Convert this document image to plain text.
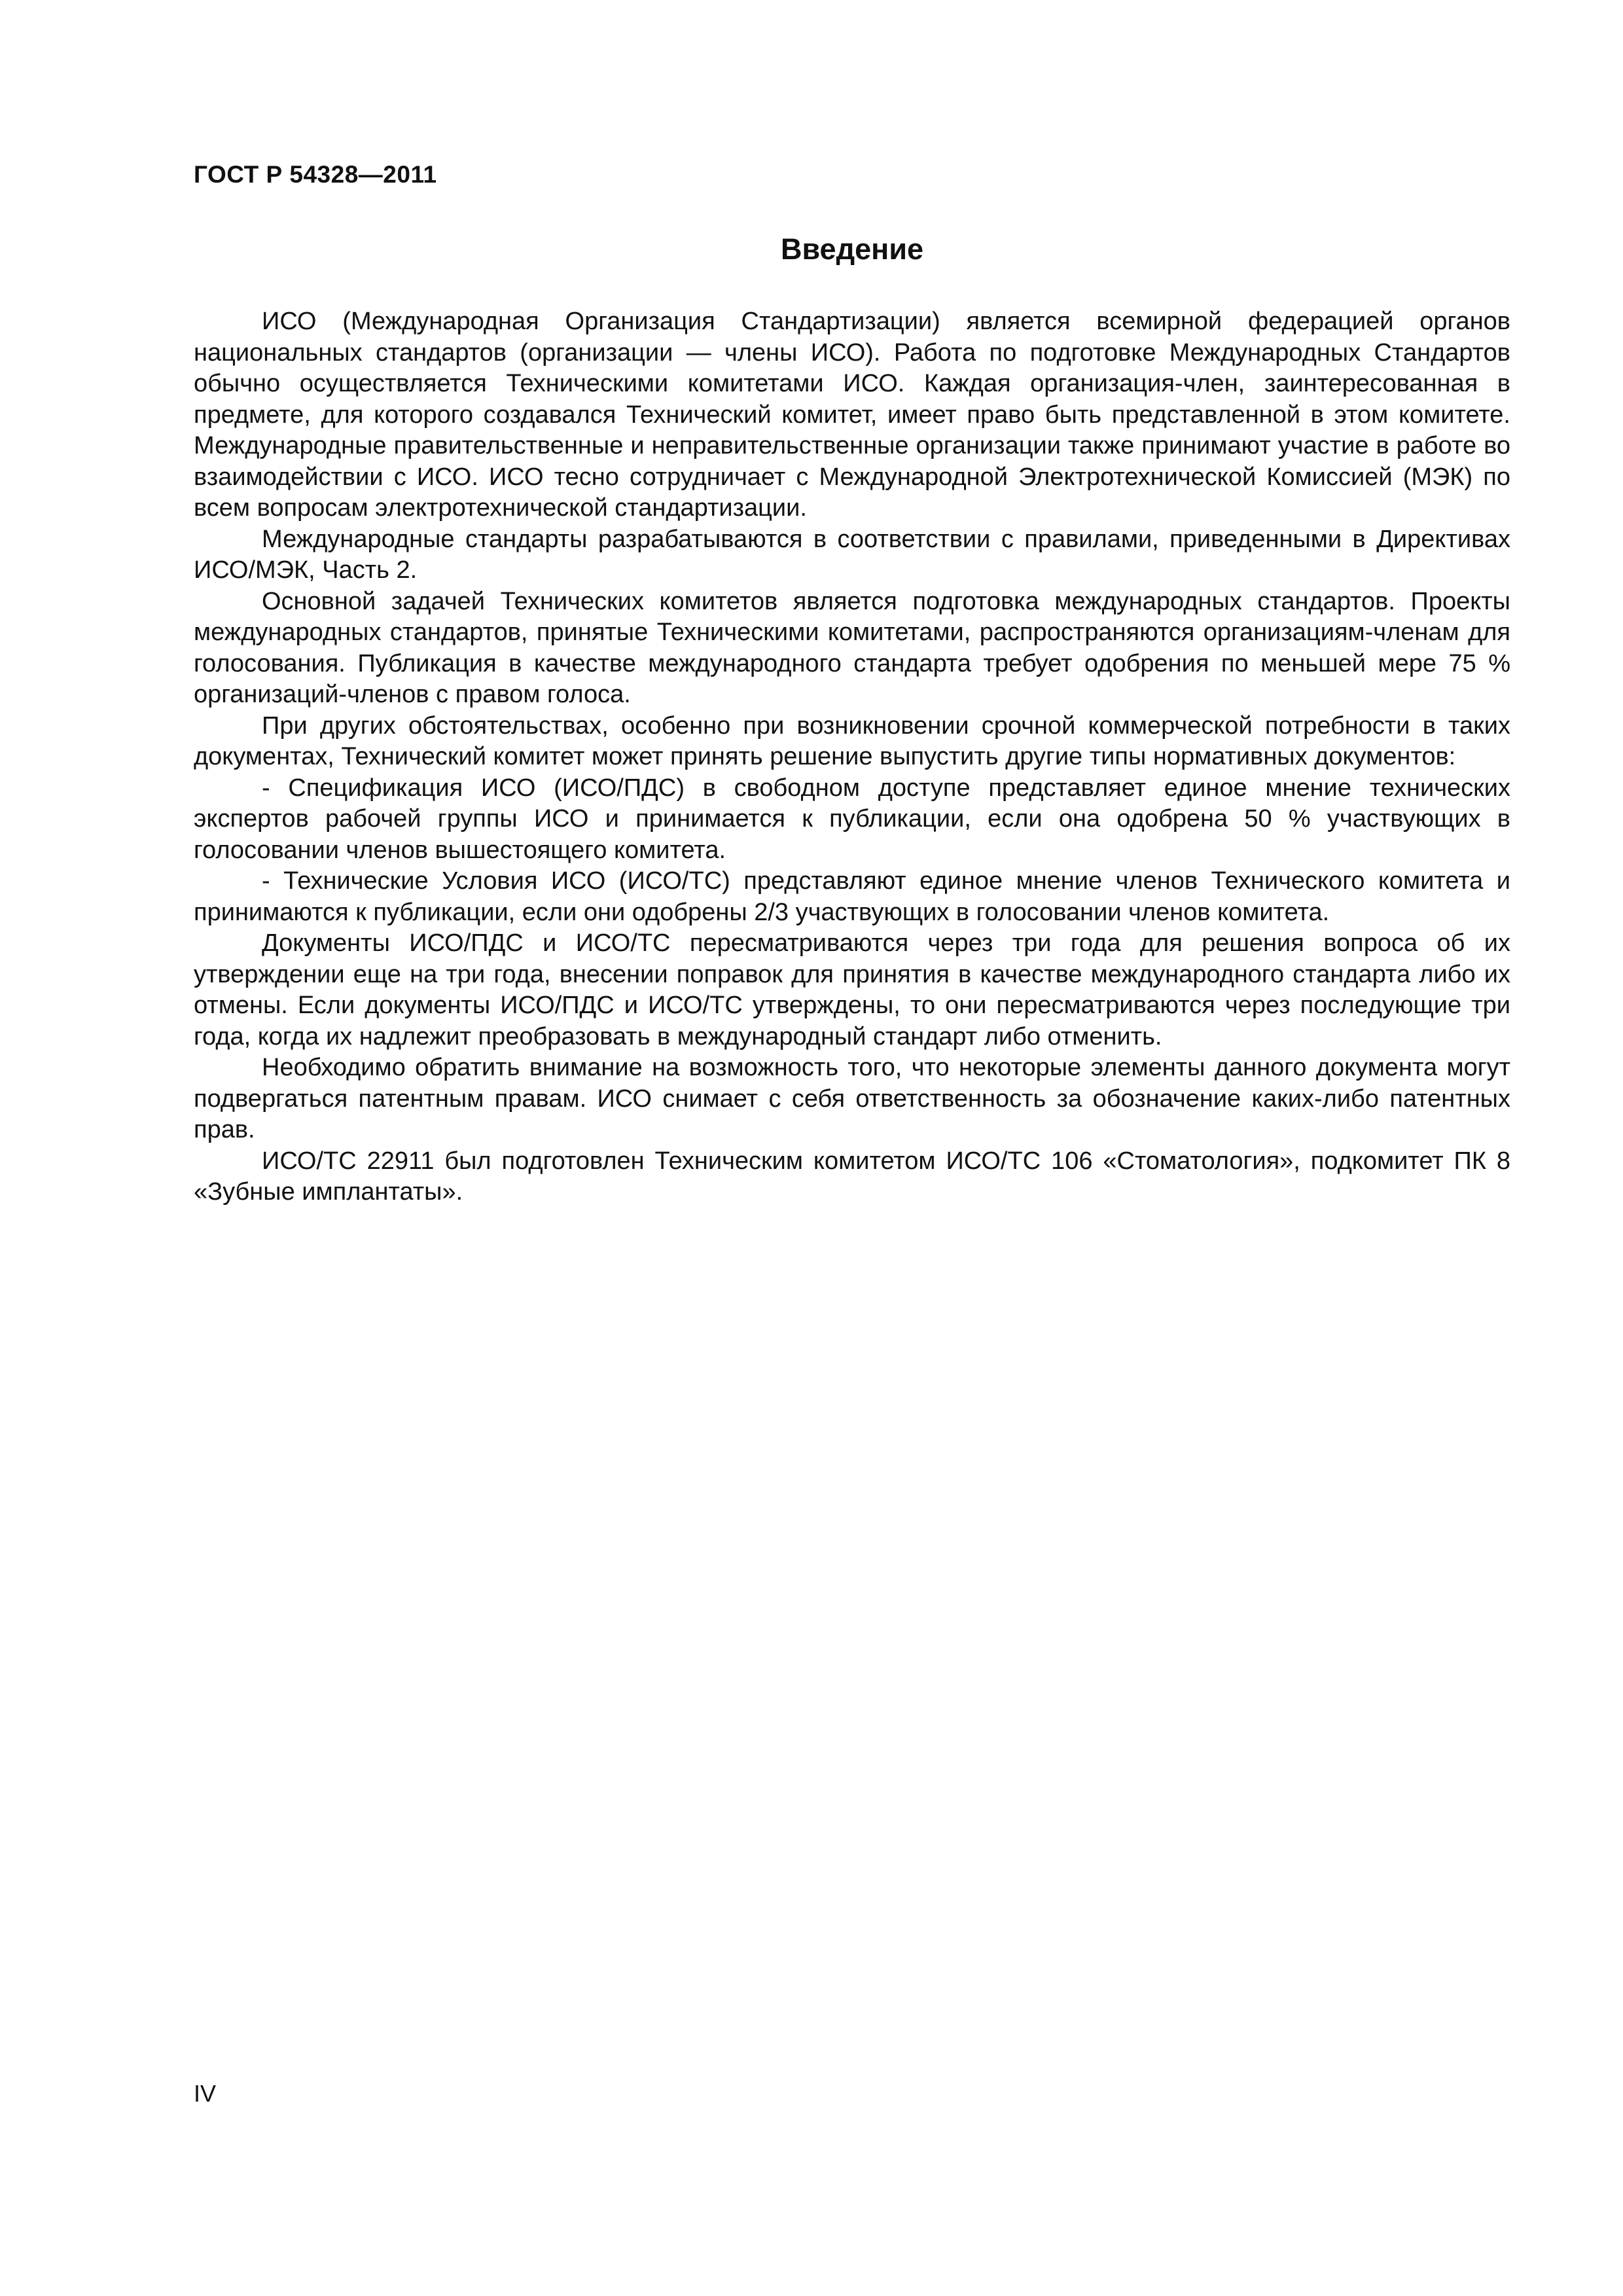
ГОСТ Р 54328—2011
Введение

ИСО (Международная Организация Стандартизации) является всемирной федерацией органов национальных стандартов (организации — члены ИСО). Работа по подготовке Международных Стандартов обычно осуществляется Техническими комитетами ИСО. Каждая организация-член, заинтересованная в предмете, для которого создавался Технический комитет, имеет право быть представленной в этом комитете. Международные правительственные и неправительственные организации также принимают участие в работе во взаимодействии с ИСО. ИСО тесно сотрудничает с Международной Электротехнической Комиссией (МЭК) по всем вопросам электротехнической стандартизации.

Международные стандарты разрабатываются в соответствии с правилами, приведенными в Директивах ИСО/МЭК, Часть 2.

Основной задачей Технических комитетов является подготовка международных стандартов. Проекты международных стандартов, принятые Техническими комитетами, распространяются организациям-членам для голосования. Публикация в качестве международного стандарта требует одобрения по меньшей мере 75 % организаций-членов с правом голоса.

При других обстоятельствах, особенно при возникновении срочной коммерческой потребности в таких документах, Технический комитет может принять решение выпустить другие типы нормативных документов:

- Спецификация ИСО (ИСО/ПДС) в свободном доступе представляет единое мнение технических экспертов рабочей группы ИСО и принимается к публикации, если она одобрена 50 % участвующих в голосовании членов вышестоящего комитета.

- Технические Условия ИСО (ИСО/ТС) представляют единое мнение членов Технического комитета и принимаются к публикации, если они одобрены 2/3 участвующих в голосовании членов комитета.

Документы ИСО/ПДС и ИСО/ТС пересматриваются через три года для решения вопроса об их утверждении еще на три года, внесении поправок для принятия в качестве международного стандарта либо их отмены. Если документы ИСО/ПДС и ИСО/ТС утверждены, то они пересматриваются через последующие три года, когда их надлежит преобразовать в международный стандарт либо отменить.

Необходимо обратить внимание на возможность того, что некоторые элементы данного документа могут подвергаться патентным правам. ИСО снимает с себя ответственность за обозначение каких-либо патентных прав.

ИСО/ТС 22911 был подготовлен Техническим комитетом ИСО/ТС 106 «Стоматология», подкомитет ПК 8 «Зубные имплантаты».

IV
